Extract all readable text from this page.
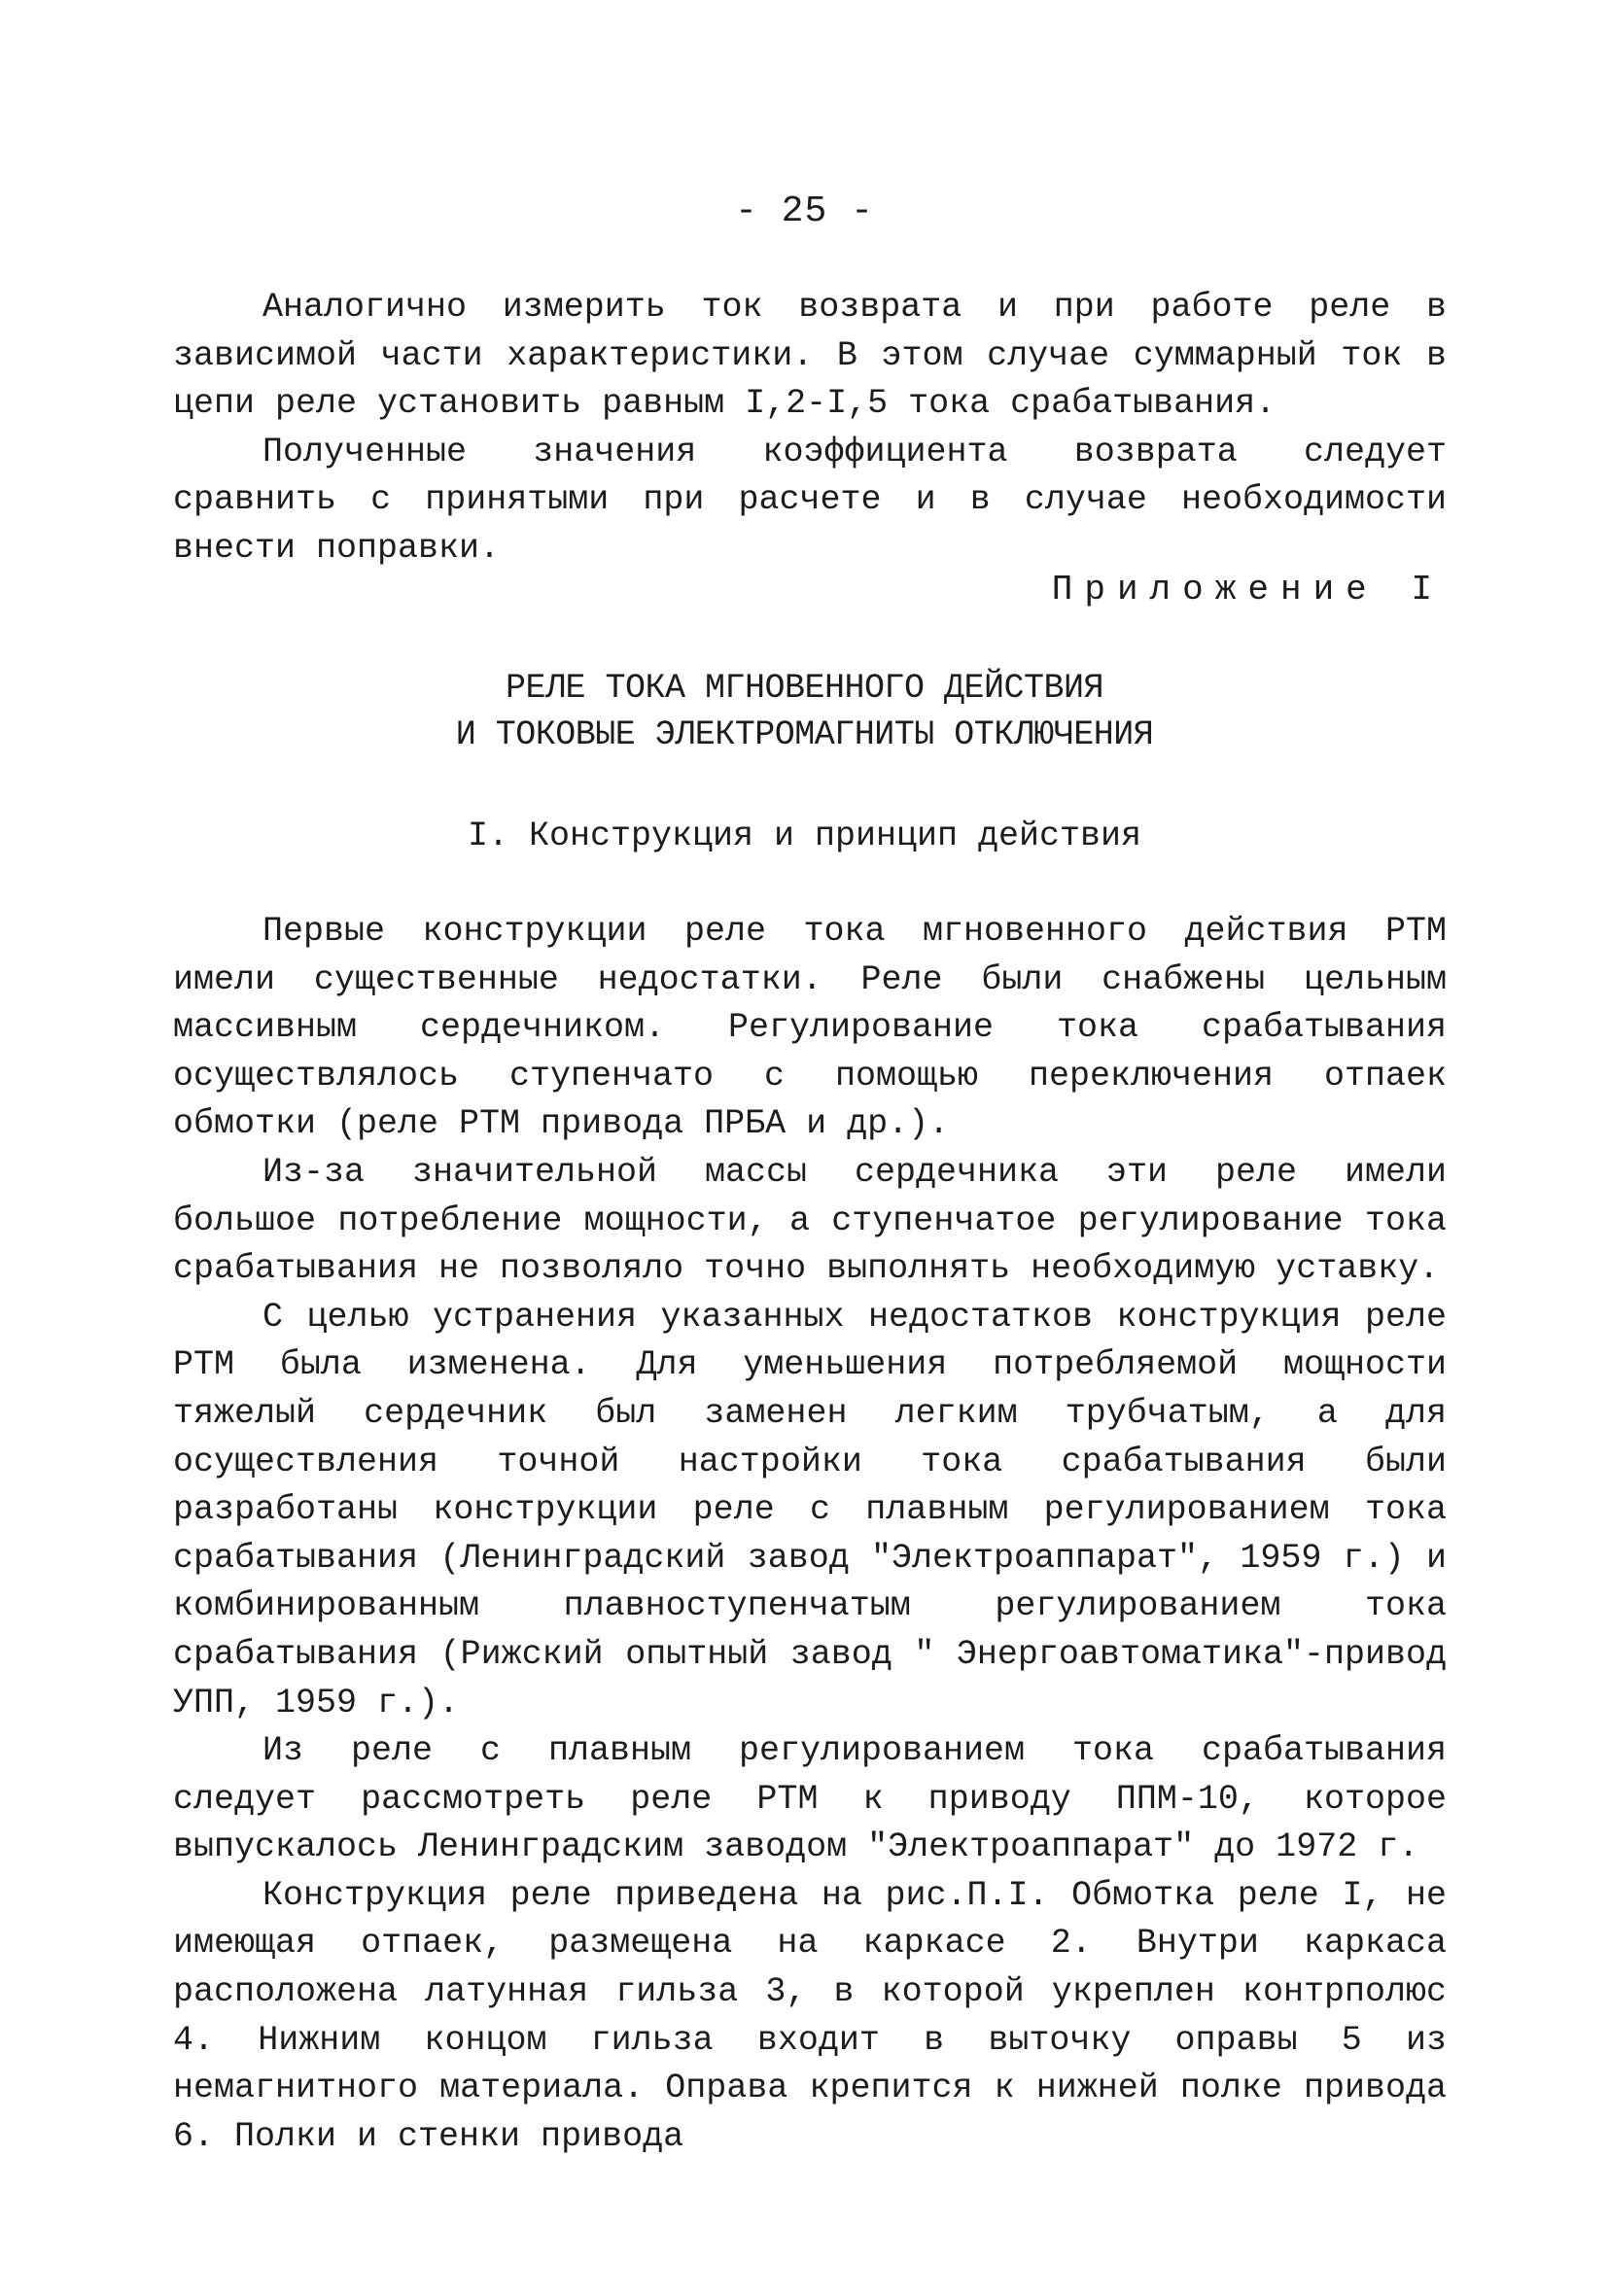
- 25 -

Аналогично измерить ток возврата и при работе реле в зависимой части характеристики. В этом случае суммарный ток в цепи реле установить равным I,2-I,5 тока срабатывания.

Полученные значения коэффициента возврата следует сравнить с принятыми при расчете и в случае необходимости внести поправки.

Приложение I
РЕЛЕ ТОКА МГНОВЕННОГО ДЕЙСТВИЯ
И ТОКОВЫЕ ЭЛЕКТРОМАГНИТЫ ОТКЛЮЧЕНИЯ
I. Конструкция и принцип действия

Первые конструкции реле тока мгновенного действия РТМ имели существенные недостатки. Реле были снабжены цельным массивным сердечником. Регулирование тока срабатывания осуществлялось ступенчато с помощью переключения отпаек обмотки (реле РТМ привода ПРБА и др.).

Из-за значительной массы сердечника эти реле имели большое потребление мощности, а ступенчатое регулирование тока срабатывания не позволяло точно выполнять необходимую уставку.

С целью устранения указанных недостатков конструкция реле РТМ была изменена. Для уменьшения потребляемой мощности тяжелый сердечник был заменен легким трубчатым, а для осуществления точной настройки тока срабатывания были разработаны конструкции реле с плавным регулированием тока срабатывания (Ленинградский завод "Электроаппарат", 1959 г.) и комбинированным плавноступенчатым регулированием тока срабатывания (Рижский опытный завод " Энергоавтоматика"-привод УПП, 1959 г.).

Из реле с плавным регулированием тока срабатывания следует рассмотреть реле РТМ к приводу ППМ-10, которое выпускалось Ленинградским заводом "Электроаппарат" до 1972 г.

Конструкция реле приведена на рис.П.I. Обмотка реле I, не имеющая отпаек, размещена на каркасе 2. Внутри каркаса расположена латунная гильза 3, в которой укреплен контрполюс 4. Нижним концом гильза входит в выточку оправы 5 из немагнитного материала. Оправа крепится к нижней полке привода 6. Полки и стенки привода
